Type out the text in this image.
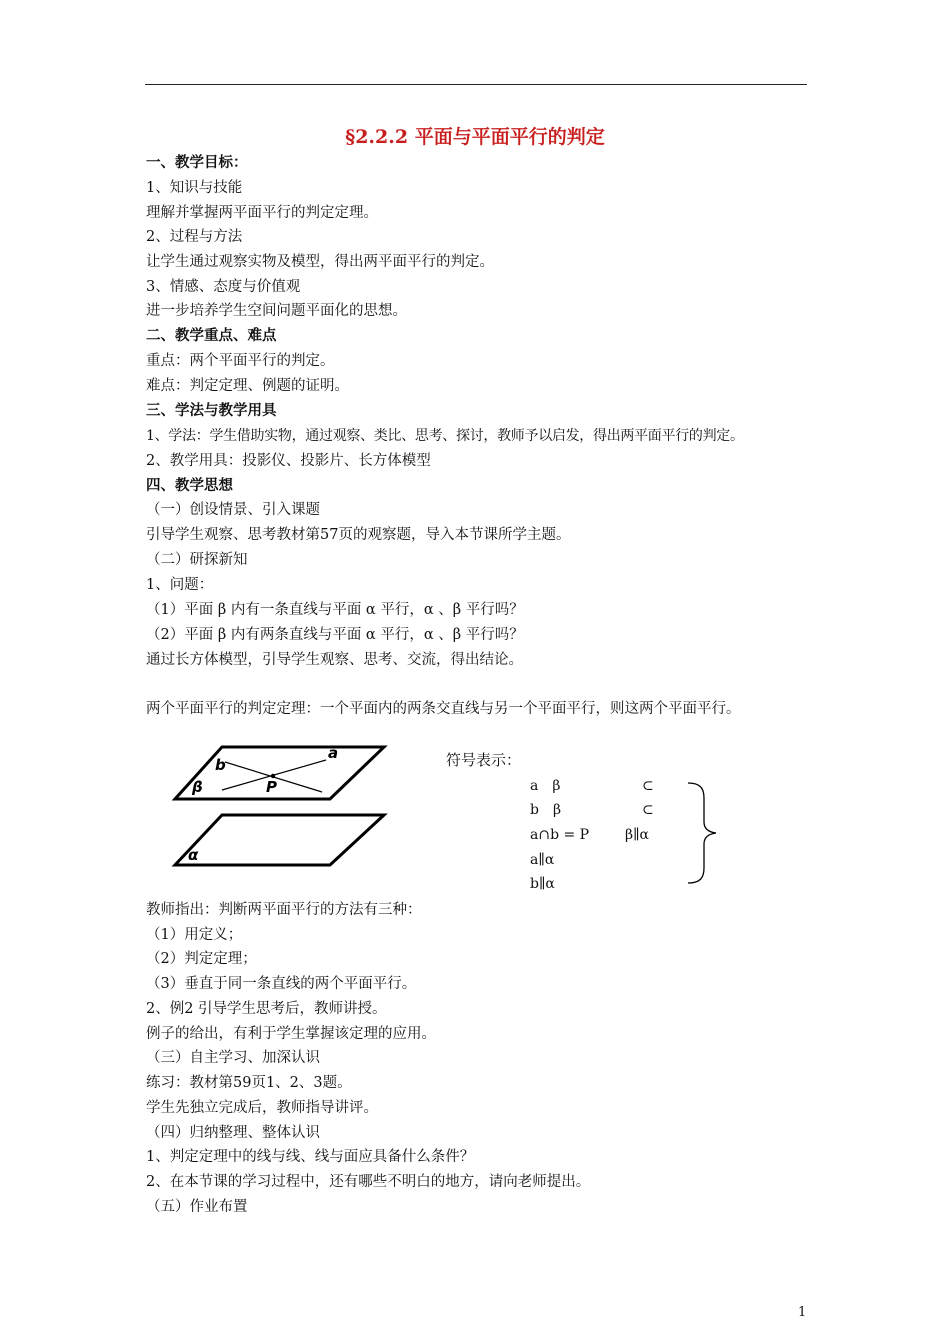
§2.2.2 平面与平面平行的判定
一、教学目标：
1、知识与技能
理解并掌握两平面平行的判定定理。
2、过程与方法
让学生通过观察实物及模型，得出两平面平行的判定。
3、情感、态度与价值观
进一步培养学生空间问题平面化的思想。
二、教学重点、难点
重点：两个平面平行的判定。
难点：判定定理、例题的证明。
三、学法与教学用具
1、学法：学生借助实物，通过观察、类比、思考、探讨，教师予以启发，得出两平面平行的判定。
2、教学用具：投影仪、投影片、长方体模型
四、教学思想
（一）创设情景、引入课题
引导学生观察、思考教材第57页的观察题，导入本节课所学主题。
（二）研探新知
1、问题：
（1）平面 β 内有一条直线与平面 α 平行，α 、β 平行吗？
（2）平面 β 内有两条直线与平面 α 平行，α 、β 平行吗？
通过长方体模型，引导学生观察、思考、交流，得出结论。
两个平面平行的判定定理：一个平面内的两条交直线与另一个平面平行，则这两个平面平行。
a
b
P
β
α
符号表示：
a　β	⊂
b　β	⊂
a∩b = P	β∥α
a∥α
b∥α
教师指出：判断两平面平行的方法有三种：
（1）用定义；
（2）判定定理；
（3）垂直于同一条直线的两个平面平行。
2、例2 引导学生思考后，教师讲授。
例子的给出，有利于学生掌握该定理的应用。
（三）自主学习、加深认识
练习：教材第59页1、2、3题。
学生先独立完成后，教师指导讲评。
（四）归纳整理、整体认识
1、判定定理中的线与线、线与面应具备什么条件？
2、在本节课的学习过程中，还有哪些不明白的地方，请向老师提出。
（五）作业布置
1
